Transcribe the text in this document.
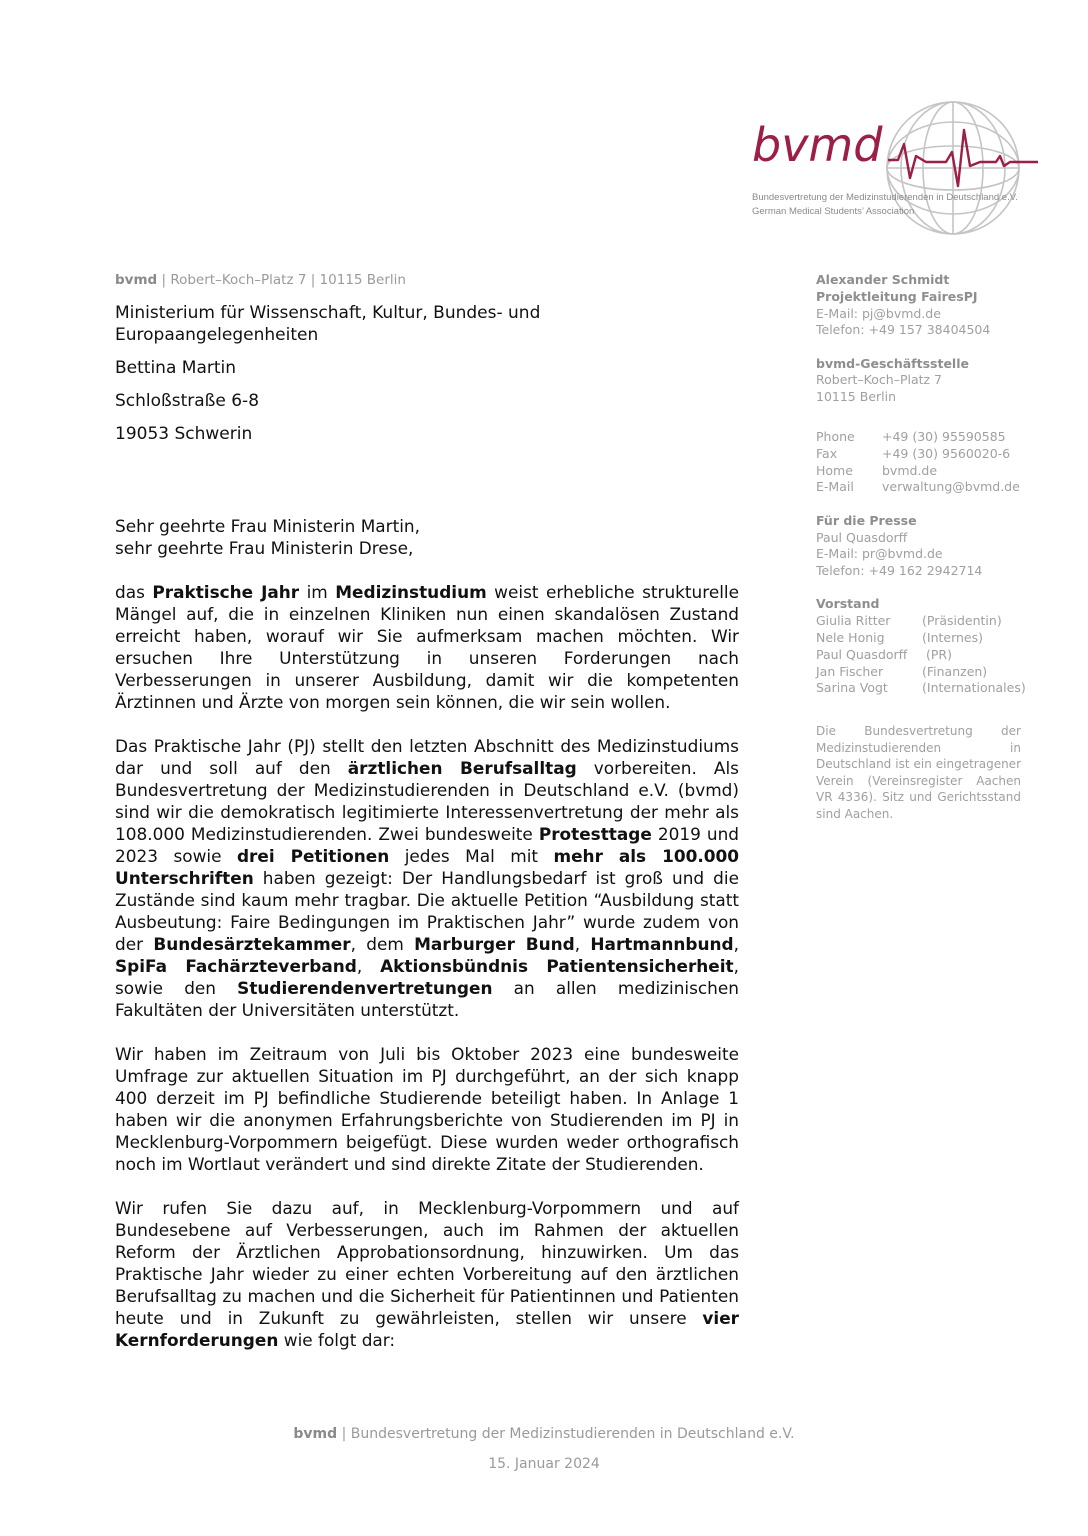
bvmd
Bundesvertretung der Medizinstudierenden in Deutschland e.V.
German Medical Students’ Association
bvmd | Robert–Koch–Platz 7 | 10115 Berlin

Ministerium für Wissenschaft, Kultur, Bundes- und Europaangelegenheiten

Bettina Martin

Schloßstraße 6-8

19053 Schwerin

Alexander Schmidt
Projektleitung FairesPJ
E-Mail: pj@bvmd.de
Telefon: +49 157 38404504
bvmd-Geschäftsstelle
Robert–Koch–Platz 7
10115 Berlin
Phone	+49 (30) 95590585
Fax	+49 (30) 9560020-6
Home	bvmd.de
E-Mail	verwaltung@bvmd.de
Für die Presse
Paul Quasdorff
E-Mail: pr@bvmd.de
Telefon: +49 162 2942714
Vorstand
Giulia Ritter	(Präsidentin)
Nele Honig	(Internes)
Paul Quasdorff	(PR)
Jan Fischer	(Finanzen)
Sarina Vogt	(Internationales)
Die Bundesvertretung der Medizinstudierenden in Deutschland ist ein eingetragener Verein (Vereinsregister Aachen VR 4336). Sitz und Gerichtsstand sind Aachen.

Sehr geehrte Frau Ministerin Martin,
sehr geehrte Frau Ministerin Drese,

das Praktische Jahr im Medizinstudium weist erhebliche strukturelle Mängel auf, die in einzelnen Kliniken nun einen skandalösen Zustand erreicht haben, worauf wir Sie aufmerksam machen möchten. Wir ersuchen Ihre Unterstützung in unseren Forderungen nach Verbesserungen in unserer Ausbildung, damit wir die kompetenten Ärztinnen und Ärzte von morgen sein können, die wir sein wollen.

Das Praktische Jahr (PJ) stellt den letzten Abschnitt des Medizinstudiums dar und soll auf den ärztlichen Berufsalltag vorbereiten. Als Bundesvertretung der Medizinstudierenden in Deutschland e.V. (bvmd) sind wir die demokratisch legitimierte Interessenvertretung der mehr als 108.000 Medizinstudierenden. Zwei bundesweite Protesttage 2019 und 2023 sowie drei Petitionen jedes Mal mit mehr als 100.000 Unterschriften haben gezeigt: Der Handlungsbedarf ist groß und die Zustände sind kaum mehr tragbar. Die aktuelle Petition “Ausbildung statt Ausbeutung: Faire Bedingungen im Praktischen Jahr” wurde zudem von der Bundesärztekammer, dem Marburger Bund, Hartmannbund, SpiFa Fachärzteverband, Aktionsbündnis Patientensicherheit, sowie den Studierendenvertretungen an allen medizinischen Fakultäten der Universitäten unterstützt.

Wir haben im Zeitraum von Juli bis Oktober 2023 eine bundesweite Umfrage zur aktuellen Situation im PJ durchgeführt, an der sich knapp 400 derzeit im PJ befindliche Studierende beteiligt haben. In Anlage 1 haben wir die anonymen Erfahrungsberichte von Studierenden im PJ in Mecklenburg-Vorpommern beigefügt. Diese wurden weder orthografisch noch im Wortlaut verändert und sind direkte Zitate der Studierenden.

Wir rufen Sie dazu auf, in Mecklenburg-Vorpommern und auf Bundesebene auf Verbesserungen, auch im Rahmen der aktuellen Reform der Ärztlichen Approbationsordnung, hinzuwirken. Um das Praktische Jahr wieder zu einer echten Vorbereitung auf den ärztlichen Berufsalltag zu machen und die Sicherheit für Patientinnen und Patienten heute und in Zukunft zu gewährleisten, stellen wir unsere vier Kernforderungen wie folgt dar:

bvmd | Bundesvertretung der Medizinstudierenden in Deutschland e.V.
15. Januar 2024
